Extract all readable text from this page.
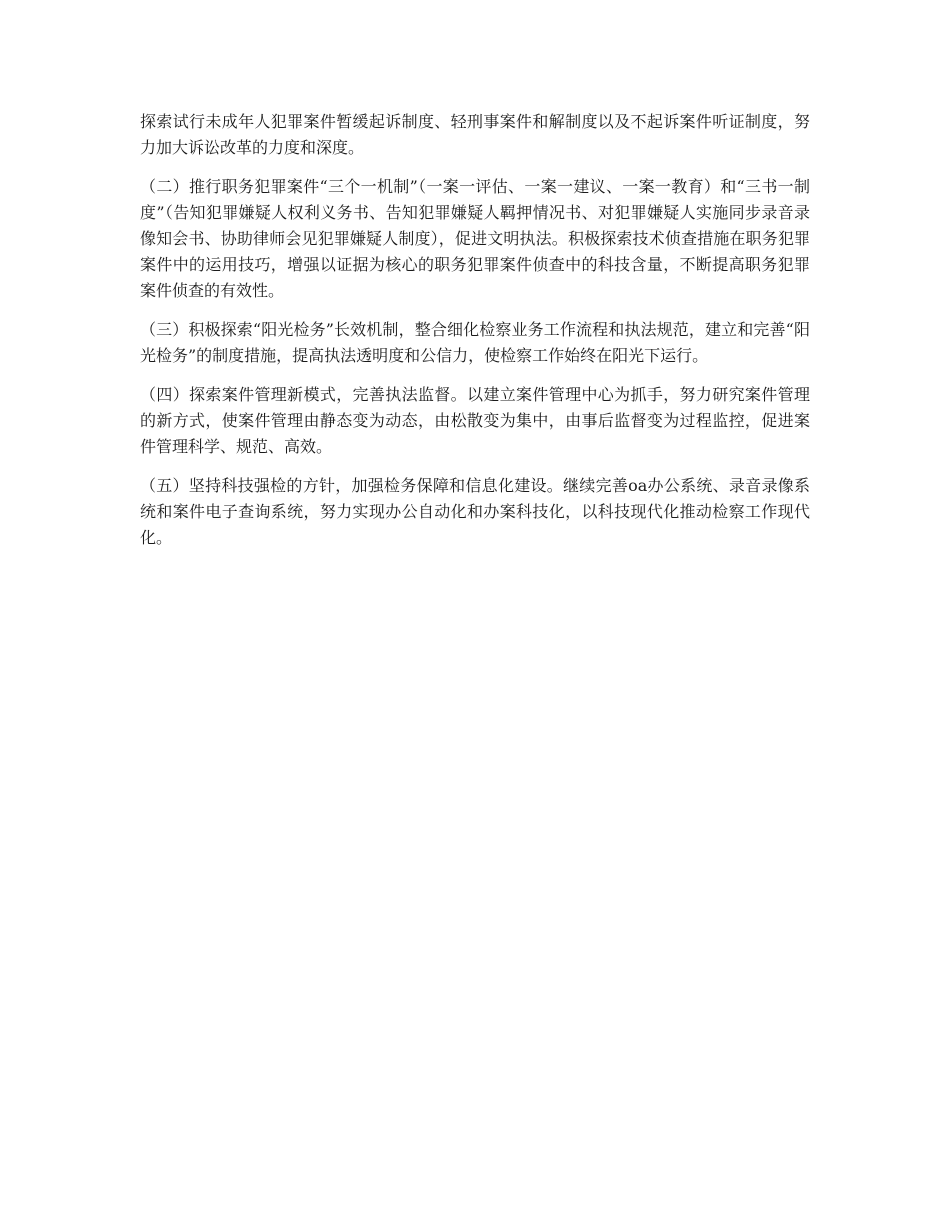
探索试行未成年人犯罪案件暂缓起诉制度、轻刑事案件和解制度以及不起诉案件听证制度，努力加大诉讼改革的力度和深度。

（二）推行职务犯罪案件“三个一机制”（一案一评估、一案一建议、一案一教育）和“三书一制度”（告知犯罪嫌疑人权利义务书、告知犯罪嫌疑人羁押情况书、对犯罪嫌疑人实施同步录音录像知会书、协助律师会见犯罪嫌疑人制度），促进文明执法。积极探索技术侦查措施在职务犯罪案件中的运用技巧，增强以证据为核心的职务犯罪案件侦查中的科技含量，不断提高职务犯罪案件侦查的有效性。

（三）积极探索“阳光检务”长效机制，整合细化检察业务工作流程和执法规范，建立和完善“阳光检务”的制度措施，提高执法透明度和公信力，使检察工作始终在阳光下运行。

（四）探索案件管理新模式，完善执法监督。以建立案件管理中心为抓手，努力研究案件管理的新方式，使案件管理由静态变为动态，由松散变为集中，由事后监督变为过程监控，促进案件管理科学、规范、高效。

（五）坚持科技强检的方针，加强检务保障和信息化建设。继续完善oa办公系统、录音录像系统和案件电子查询系统，努力实现办公自动化和办案科技化，以科技现代化推动检察工作现代化。
